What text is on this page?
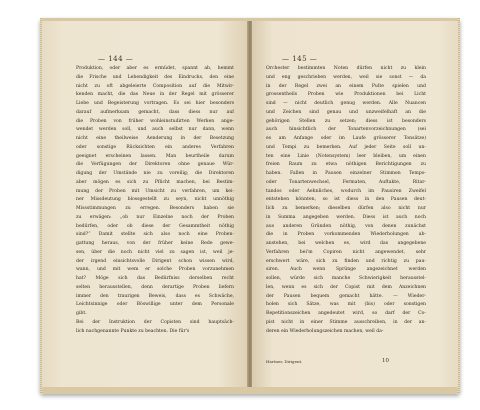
— 144 —
Produktion, oder aber es ermüdet, spannt ab, hemmt
die Frische und Lebendigkeit des Eindrucks, den eine
nicht zu oft abgeleierte Composition auf die Mitwir-
kenden macht, die das Neue in der Regel mit grösserer
Liebe und Begeisterung vortragen. Es sei hier besonders
darauf aufmerksam gemacht, dass diess nur auf
die Proben von früher wohleinstudirten Werken ange-
wendet werden soll, und auch selbst nur dann, wenn
nicht eine theilweise Aenderung in der Besetzung
oder sonstige Rücksichten ein anderes Verfahren
geeignet erscheinen lassen. Man beurtheile darum
die Verfügungen der Direktoren ohne genaue Wür-
digung der Umstände nie zu voreilig; die Direktoren
aber mögen es sich zu Pflicht machen, bei Bestim-
mung der Proben mit Umsicht zu verfahren, um kei-
ner Missdeutung blossgestellt zu seyn, nicht unnöthig
Missstimmungen zu erregen. Besonders haben sie
zu erwägen: „ob nur Einzelne noch der Proben
bedürfen, oder ob diese der Gesammtheit nöthig
sind?“ Damit stellte sich also noch eine Proben-
gattung heraus, von der früher keine Rede gewe-
sen, über die noch nicht viel zu sagen ist, weil je-
der irgend einsichtsvolle Dirigent schon wissen wird,
wann, und mit wem er solche Proben vorzunehmen
hat? Möge sich das Bedürfniss derselben recht
selten herausstellen, denn derartige Proben liefern
immer den traurigen Beweis, dass es Schwäche,
Leichtsinnige oder Böswillige unter dem Personale
gibt.
Bei der Instruktion der Copisten sind hauptsäch-
lich nachgenannte Punkte zu beachten. Die für's
— 145 —
Orchester bestimmten Noten dürfen nicht zu klein
und eng geschrieben werden, weil sie sonst — da
in der Regel zwei an einem Pulte spielen und
grossentheils Proben wie Produktionen bei Licht
sind — nicht deutlich genug werden. Alle Nuancen
und Zeichen sind genau und unzweifelhaft an die
gehörigen Stellen zu setzen; diess ist besonders
auch hinsichtlich der Tonartenvorzeichnungen (sei
es am Anfange oder im Laufe grösserer Tonsätze)
und Tempi zu bemerken. Auf jeder Seite soll un-
ten eine Linie (Notensystem) leer bleiben, um einen
freien Raum zu etwa nöthigen Berichtigungen zu
haben. Fallen in Pausen einzelner Stimmen Tempo-
oder Tonartenwechsel, Fermaten, Auftakte, Ritar-
tandos oder Aehnliches, wodurch im Pausiren Zweifel
entstehen könnten, so ist diess in den Pausen deut-
lich zu bemerken; dieselben dürfen also nicht nur
in Summa angegeben werden. Diess ist auch noch
aus anderen Gründen nöthig, von denen zunächst
die in Proben vorkommenden Wiederholungen ab-
anstehen, bei welchen es, wird das angegebene
Verfahren bei'm Copiren nicht angewendet, sehr
erschwert wäre, sich zu finden und richtig zu pau-
siren. Auch wenn Sprünge angezeichnet werden
sollen, würde sich manche Schwierigkeit herausstel-
len, wenn es sich der Copist mit dem Anzeichnen
der Pausen bequem gemacht hätte. — Wieder-
holen sich Sätze, was mit (bis) oder sonstigen
Repetitionszeichen angedeutet wird, so darf der Co-
pist nicht in einer Stimme ausschreiben, in der an-
deren ein Wiederholungszeichen machen, weil da-
Hartner, Dirigent.	10
